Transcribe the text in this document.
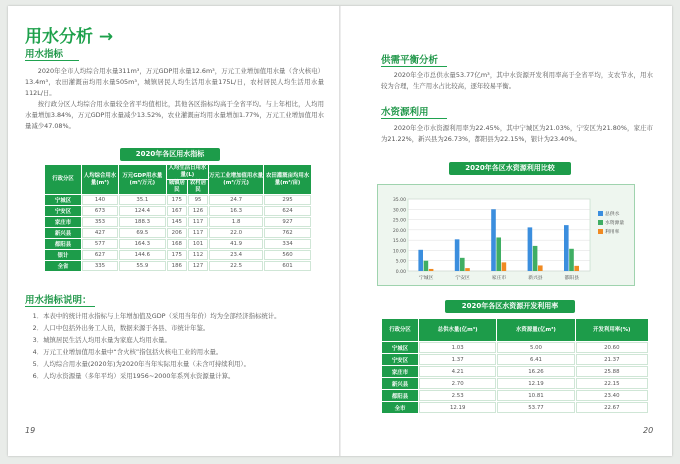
用水分析 →
用水指标

2020年全市人均综合用水量311m³，万元GDP用水量12.6m³，万元工业增加值用水量（含火核电）13.4m³，农田灌溉亩均用水量505m³，城镇居民人均生活用水量175L/日，农村居民人均生活用水量112L/日。

按行政分区人均综合用水量较全省平均值相比，其他各区指标均高于全省平均。与上年相比，人均用水量增加3.84%，万元GDP用水量减少13.52%，农业灌溉亩均用水量增加1.77%，万元工业增加值用水量减少47.08%。

2020年各区用水指标
行政分区	人均综合用水量(m³)	万元GDP用水量(m³/万元)	人均生活日用水量(L)		万元工业增加值用水量(m³/万元)	农田灌溉亩均用水量(m³/亩)
			城镇居民	农村居民		
宁城区	140	35.1	175	95	24.7	295
宁安区	673	124.4	167	126	16.3	624
家庄市	353	188.3	145	117	1.8	927
新兴县	427	69.5	206	117	22.0	762
都阳县	577	164.3	168	101	41.9	334
银计	627	144.6	175	112	23.4	560
全省	335	55.9	186	127	22.5	601
用水指标说明：

1．本表中的统计用水指标与上年增加值及GDP（采用当年价）均为全部经济指标统计。

2．人口中包括外出务工人员，数据来源于各县、市统计年鉴。

3．城镇居民生活人均用水量为家庭人均用水量。

4．万元工业增加值用水量中“含火核”指包括火核电工业的用水量。

5．人均综合用水量(2020年)为2020年当年实际用水量（未含可持续利用）。

6．人均水资源量（多年平均）采用1956~2000年系列水资源量计算。

19
供需平衡分析

2020年全市总供水量53.77亿m³，其中水资源开发利用率高于全省平均，支农节水，用水较为合理，生产用水占比较高，逐年较易平衡。

水资源利用

2020年全市水资源利用率为22.45%，其中宁城区为21.03%，宁安区为21.80%，家庄市为21.22%，新兴县为26.73%，都阳县为22.15%，银计为23.40%。

2020年各区水资源利用比较
0.00
5.00
10.00
15.00
20.00
25.00
30.00
35.00
宁城区	宁安区	家庄市	新兴县	都阳县
总供水
水资源量
利用率
2020年各区水资源开发利用率
行政分区	总供水量(亿m³)	水资源量(亿m³)	开发利用率(%)
宁城区	1.03	5.00	20.60
宁安区	1.37	6.41	21.37
家庄市	4.21	16.26	25.88
新兴县	2.70	12.19	22.15
都阳县	2.53	10.81	23.40
全市	12.19	53.77	22.67
20
